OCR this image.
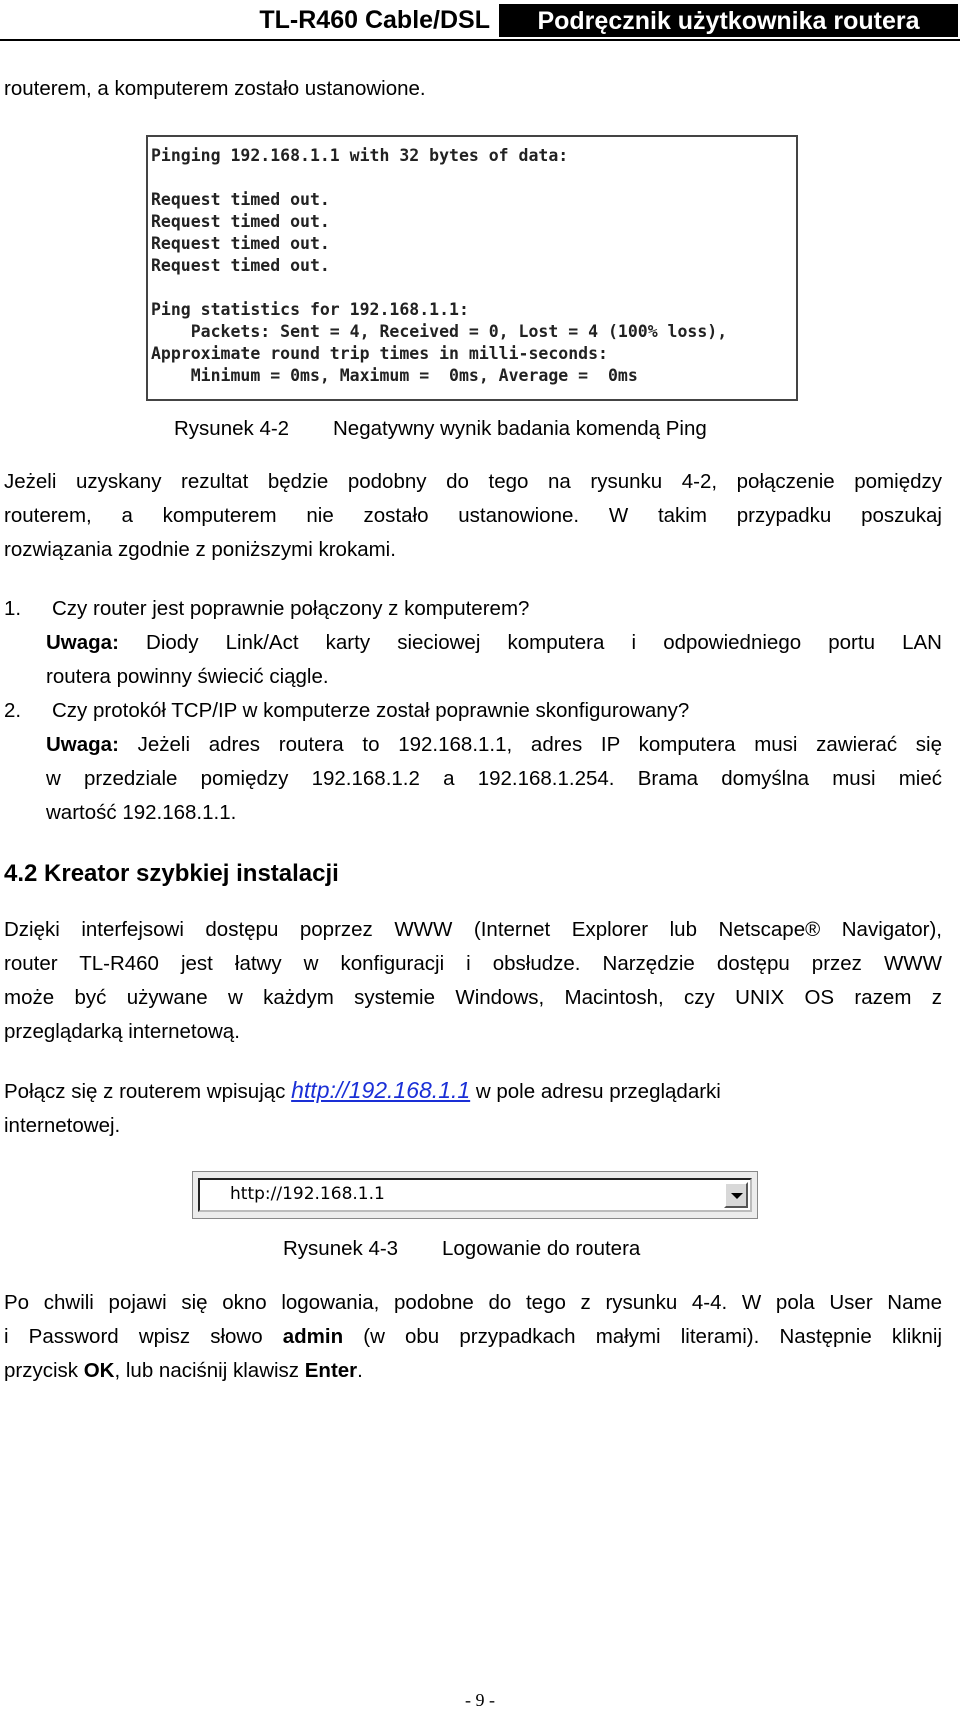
TL-R460 Cable/DSL	Podręcznik użytkownika routera
routerem, a komputerem zostało ustanowione.
Pinging 192.168.1.1 with 32 bytes of data:
Request timed out.
Request timed out.
Request timed out.
Request timed out.
Ping statistics for 192.168.1.1:
Packets: Sent = 4, Received = 0, Lost = 4 (100% loss),
Approximate round trip times in milli-seconds:
Minimum = 0ms, Maximum =  0ms, Average =  0ms
Rysunek 4-2 Negatywny wynik badania komendą Ping
Jeżeli uzyskany rezultat będzie podobny do tego na rysunku 4-2, połączenie pomiędzy
routerem, a komputerem nie zostało ustanowione. W takim przypadku poszukaj
rozwiązania zgodnie z poniższymi krokami.
1. Czy router jest poprawnie połączony z komputerem?
Uwaga: Diody Link/Act karty sieciowej komputera i odpowiedniego portu LAN
routera powinny świecić ciągle.
2. Czy protokół TCP/IP w komputerze został poprawnie skonfigurowany?
Uwaga: Jeżeli adres routera to 192.168.1.1, adres IP komputera musi zawierać się
w przedziale pomiędzy 192.168.1.2 a 192.168.1.254. Brama domyślna musi mieć
wartość 192.168.1.1.
4.2 Kreator szybkiej instalacji
Dzięki interfejsowi dostępu poprzez WWW (Internet Explorer lub Netscape® Navigator),
router TL-R460 jest łatwy w konfiguracji i obsłudze. Narzędzie dostępu przez WWW
może być używane w każdym systemie Windows, Macintosh, czy UNIX OS razem z
przeglądarką internetową.
Połącz się z routerem wpisując http://192.168.1.1 w pole adresu przeglądarki
internetowej.
http://192.168.1.1
Rysunek 4-3 Logowanie do routera
Po chwili pojawi się okno logowania, podobne do tego z rysunku 4-4. W pola User Name
i Password wpisz słowo admin (w obu przypadkach małymi literami). Następnie kliknij
przycisk OK, lub naciśnij klawisz Enter.
- 9 -
